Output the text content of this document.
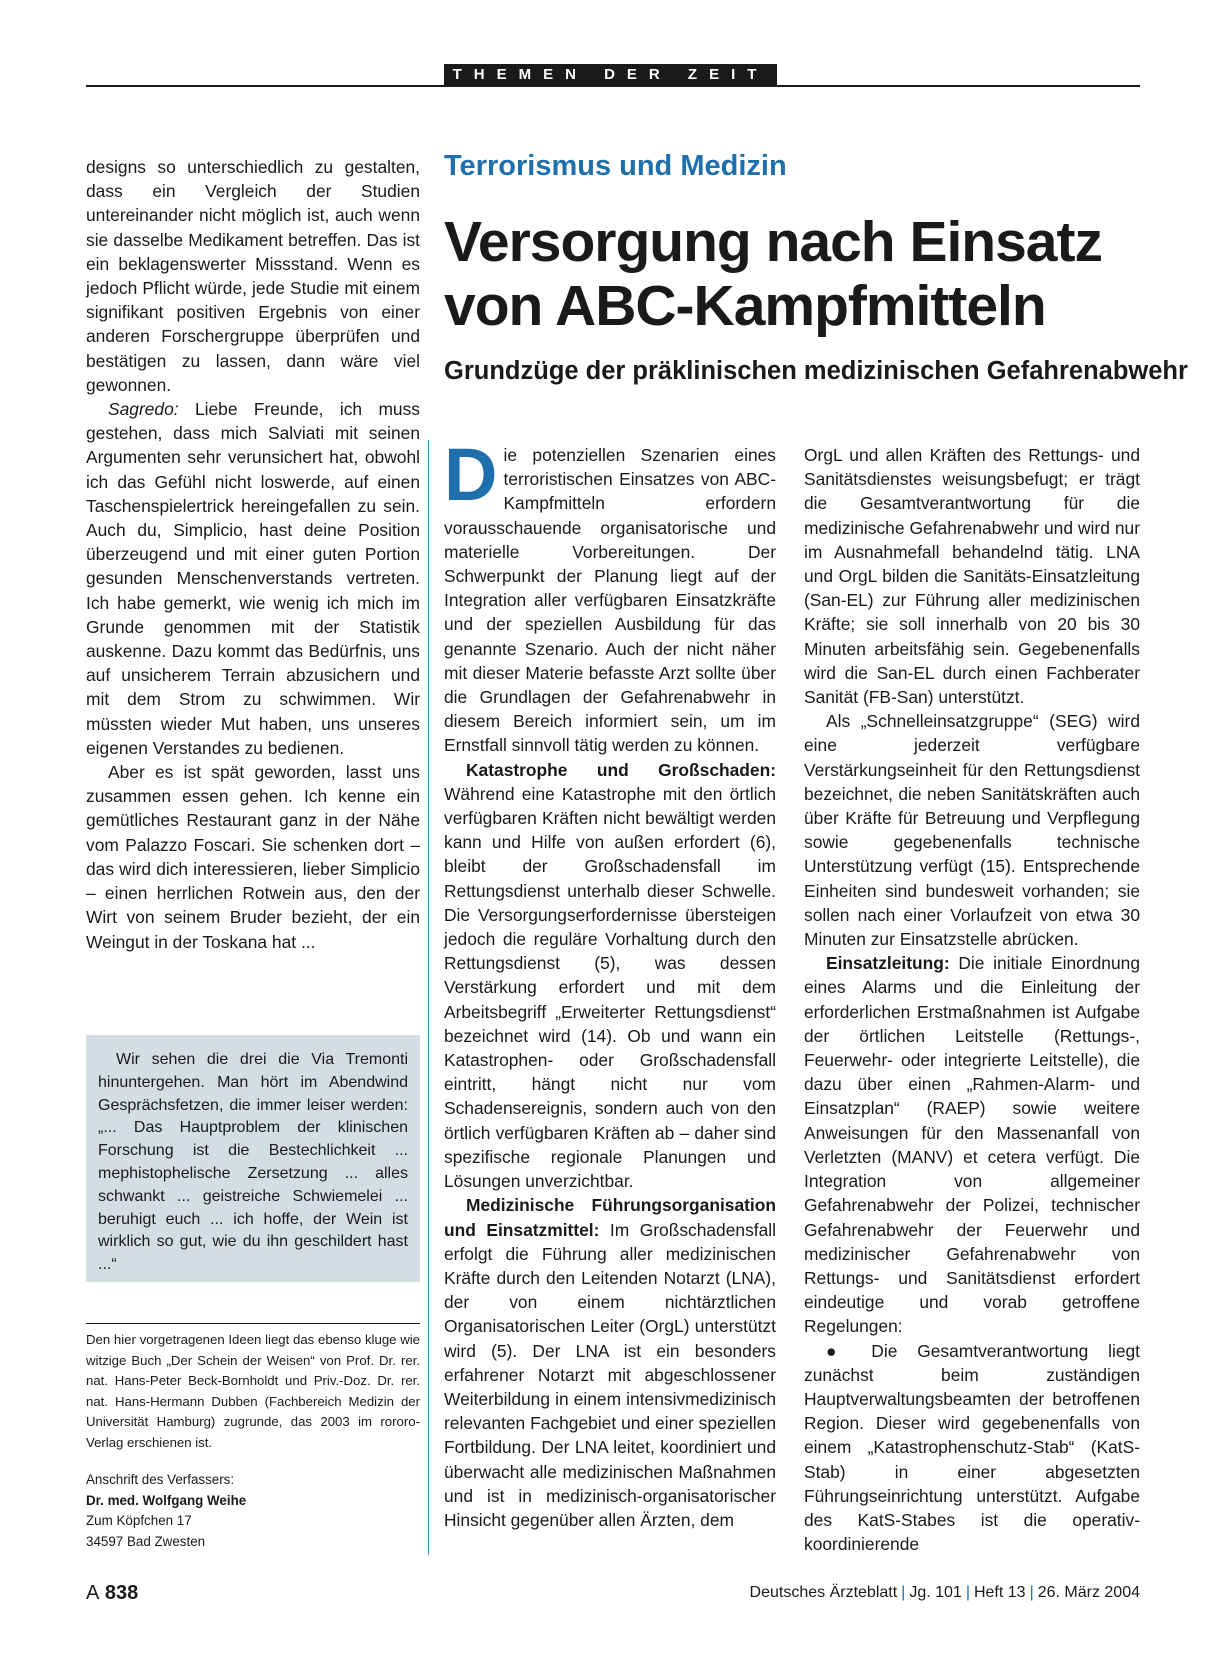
THEMEN DER ZEIT

designs so unterschiedlich zu gestalten, dass ein Vergleich der Studien untereinander nicht möglich ist, auch wenn sie dasselbe Medikament betreffen. Das ist ein beklagenswerter Missstand. Wenn es jedoch Pflicht würde, jede Studie mit einem signifikant positiven Ergebnis von einer anderen Forschergruppe überprüfen und bestätigen zu lassen, dann wäre viel gewonnen.

Sagredo: Liebe Freunde, ich muss gestehen, dass mich Salviati mit seinen Argumenten sehr verunsichert hat, obwohl ich das Gefühl nicht loswerde, auf einen Taschenspielertrick hereingefallen zu sein. Auch du, Simplicio, hast deine Position überzeugend und mit einer guten Portion gesunden Menschenverstands vertreten. Ich habe gemerkt, wie wenig ich mich im Grunde genommen mit der Statistik auskenne. Dazu kommt das Bedürfnis, uns auf unsicherem Terrain abzusichern und mit dem Strom zu schwimmen. Wir müssten wieder Mut haben, uns unseres eigenen Verstandes zu bedienen.

Aber es ist spät geworden, lasst uns zusammen essen gehen. Ich kenne ein gemütliches Restaurant ganz in der Nähe vom Palazzo Foscari. Sie schenken dort – das wird dich interessieren, lieber Simplicio – einen herrlichen Rotwein aus, den der Wirt von seinem Bruder bezieht, der ein Weingut in der Toskana hat ...

Wir sehen die drei die Via Tremonti hinuntergehen. Man hört im Abendwind Gesprächsfetzen, die immer leiser werden: „... Das Hauptproblem der klinischen Forschung ist die Bestechlichkeit ... mephistophelische Zersetzung ... alles schwankt ... geistreiche Schwiemelei ... beruhigt euch ... ich hoffe, der Wein ist wirklich so gut, wie du ihn geschildert hast ...“

Den hier vorgetragenen Ideen liegt das ebenso kluge wie witzige Buch „Der Schein der Weisen“ von Prof. Dr. rer. nat. Hans-Peter Beck-Bornholdt und Priv.-Doz. Dr. rer. nat. Hans-Hermann Dubben (Fachbereich Medizin der Universität Hamburg) zugrunde, das 2003 im rororo-Verlag erschienen ist.

Anschrift des Verfassers:
Dr. med. Wolfgang Weihe
Zum Köpfchen 17
34597 Bad Zwesten
Terrorismus und Medizin
Versorgung nach Einsatz
von ABC-Kampfmitteln
Grundzüge der präklinischen medizinischen Gefahrenabwehr

Die potenziellen Szenarien eines terroristischen Einsatzes von ABC-Kampfmitteln erfordern vorausschauende organisatorische und materielle Vorbereitungen. Der Schwerpunkt der Planung liegt auf der Integration aller verfügbaren Einsatzkräfte und der speziellen Ausbildung für das genannte Szenario. Auch der nicht näher mit dieser Materie befasste Arzt sollte über die Grundlagen der Gefahrenabwehr in diesem Bereich informiert sein, um im Ernstfall sinnvoll tätig werden zu können.

Katastrophe und Großschaden: Während eine Katastrophe mit den örtlich verfügbaren Kräften nicht bewältigt werden kann und Hilfe von außen erfordert (6), bleibt der Großschadensfall im Rettungsdienst unterhalb dieser Schwelle. Die Versorgungserfordernisse übersteigen jedoch die reguläre Vorhaltung durch den Rettungsdienst (5), was dessen Verstärkung erfordert und mit dem Arbeitsbegriff „Erweiterter Rettungsdienst“ bezeichnet wird (14). Ob und wann ein Katastrophen- oder Großschadensfall eintritt, hängt nicht nur vom Schadensereignis, sondern auch von den örtlich verfügbaren Kräften ab – daher sind spezifische regionale Planungen und Lösungen unverzichtbar.

Medizinische Führungsorganisation und Einsatzmittel: Im Großschadensfall erfolgt die Führung aller medizinischen Kräfte durch den Leitenden Notarzt (LNA), der von einem nichtärztlichen Organisatorischen Leiter (OrgL) unterstützt wird (5). Der LNA ist ein besonders erfahrener Notarzt mit abgeschlossener Weiterbildung in einem intensivmedizinisch relevanten Fachgebiet und einer speziellen Fortbildung. Der LNA leitet, koordiniert und überwacht alle medizinischen Maßnahmen und ist in medizinisch-organisatorischer Hinsicht gegenüber allen Ärzten, dem

OrgL und allen Kräften des Rettungs- und Sanitätsdienstes weisungsbefugt; er trägt die Gesamtverantwortung für die medizinische Gefahrenabwehr und wird nur im Ausnahmefall behandelnd tätig. LNA und OrgL bilden die Sanitäts-Einsatzleitung (San-EL) zur Führung aller medizinischen Kräfte; sie soll innerhalb von 20 bis 30 Minuten arbeitsfähig sein. Gegebenenfalls wird die San-EL durch einen Fachberater Sanität (FB-San) unterstützt.

Als „Schnelleinsatzgruppe“ (SEG) wird eine jederzeit verfügbare Verstärkungseinheit für den Rettungsdienst bezeichnet, die neben Sanitätskräften auch über Kräfte für Betreuung und Verpflegung sowie gegebenenfalls technische Unterstützung verfügt (15). Entsprechende Einheiten sind bundesweit vorhanden; sie sollen nach einer Vorlaufzeit von etwa 30 Minuten zur Einsatzstelle abrücken.

Einsatzleitung: Die initiale Einordnung eines Alarms und die Einleitung der erforderlichen Erstmaßnahmen ist Aufgabe der örtlichen Leitstelle (Rettungs-, Feuerwehr- oder integrierte Leitstelle), die dazu über einen „Rahmen-Alarm- und Einsatzplan“ (RAEP) sowie weitere Anweisungen für den Massenanfall von Verletzten (MANV) et cetera verfügt. Die Integration von allgemeiner Gefahrenabwehr der Polizei, technischer Gefahrenabwehr der Feuerwehr und medizinischer Gefahrenabwehr von Rettungs- und Sanitätsdienst erfordert eindeutige und vorab getroffene Regelungen:

● Die Gesamtverantwortung liegt zunächst beim zuständigen Hauptverwaltungsbeamten der betroffenen Region. Dieser wird gegebenenfalls von einem „Katastrophenschutz-Stab“ (KatS-Stab) in einer abgesetzten Führungseinrichtung unterstützt. Aufgabe des KatS-Stabes ist die operativ-koordinierende

A 838	Deutsches Ärzteblatt | Jg. 101 | Heft 13 | 26. März 2004
